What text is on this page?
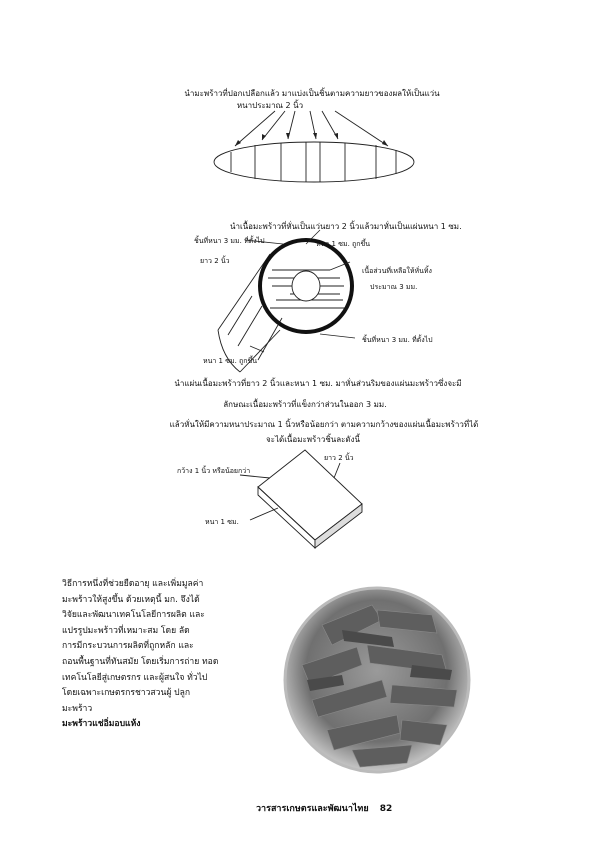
นำมะพร้าวที่ปอกเปลือกแล้ว มาแบ่งเป็นชิ้นตามความยาวของผลให้เป็นแว่น
หนาประมาณ 2 นิ้ว
นำเนื้อมะพร้าวที่หั่นเป็นแว่นยาว 2 นิ้วแล้วมาหั่นเป็นแผ่นหนา 1 ซม.
หนา 1 ซม. ถูกขึ้น
ชิ้นที่หนา 3 มม. ที่ตั้งไป
ยาว 2 นิ้ว
เนื้อส่วนที่เหลือให้หั่นทิ้ง
ประมาณ 3 มม.
ชิ้นที่หนา 3 มม. ที่ตั้งไป
หนา 1 ซม. ถูกขึ้น
นำแผ่นเนื้อมะพร้าวที่ยาว 2 นิ้วและหนา 1 ซม. มาหั่นส่วนริมของแผ่นมะพร้าวซึ่งจะมี
ลักษณะเนื้อมะพร้าวที่แข็งกว่าส่วนในออก 3 มม.
แล้วหั่นให้มีความหนาประมาณ 1 นิ้วหรือน้อยกว่า ตามความกว้างของแผ่นเนื้อมะพร้าวที่ได้
จะได้เนื้อมะพร้าวชิ้นละดังนี้
ยาว 2 นิ้ว
กว้าง 1 นิ้ว หรือน้อยกว่า
หนา 1 ซม.
วิธีการหนึ่งที่ช่วยยืดอายุ และเพิ่มมูลค่า
มะพร้าวให้สูงขึ้น ด้วยเหตุนี้ มก. จึงได้
วิจัยและพัฒนาเทคโนโลยีการผลิต และ
แปรรูปมะพร้าวที่เหมาะสม โดย ลัด
การมีกระบวนการผลิตที่ถูกหลัก และ
ถอนพื้นฐานที่ทันสมัย โดยเริ่มการถ่าย ทอด
เทคโนโลยีสู่เกษตรกร และผู้สนใจ ทั่วไป
โดยเฉพาะเกษตรกรชาวสวนผู้ ปลูก
มะพร้าว
มะพร้าวแช่อิ่มอบแห้ง
วารสารเกษตรและพัฒนาไทย 82
